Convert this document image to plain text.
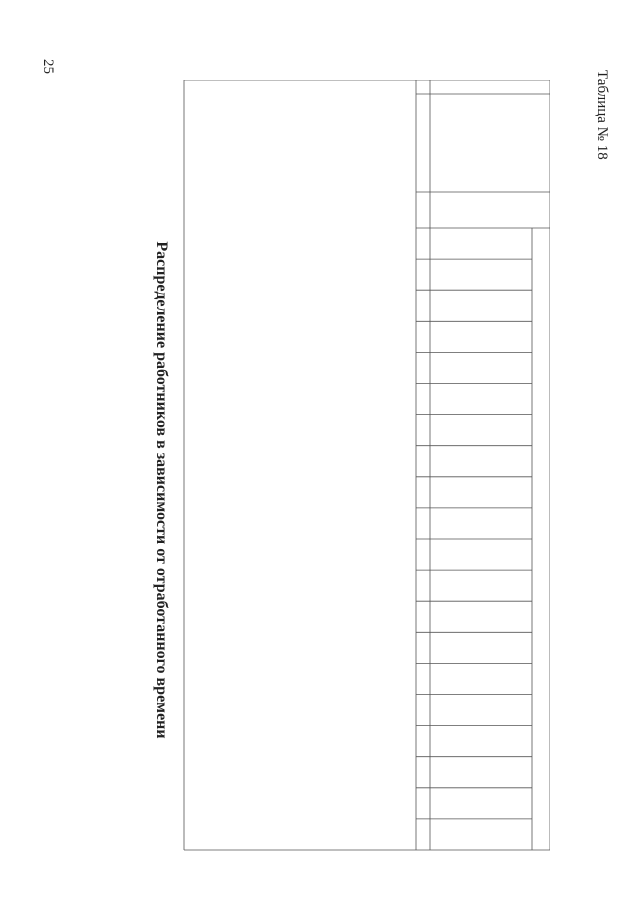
25
Таблица № 18
Распределение работников в зависимости от отработанного времени
